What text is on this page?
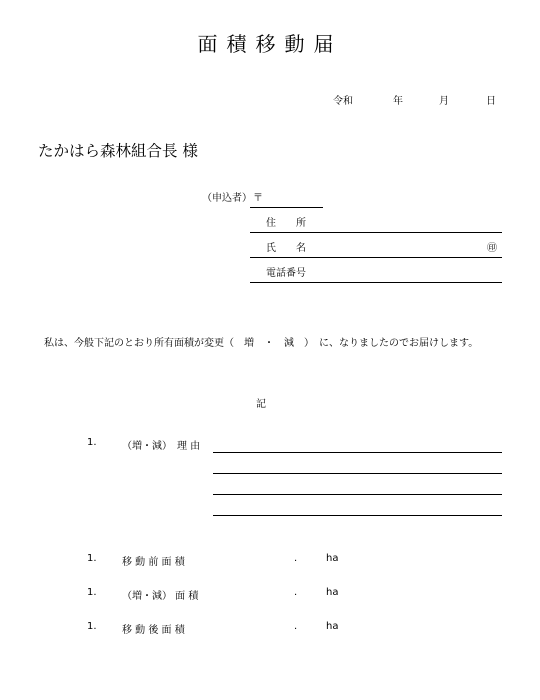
面積移動届
令和	年	月	日
たかはら森林組合長 様
（申込者） 〒
住　　所
氏　　名	㊞
電話番号
私は、今般下記のとおり所有面積が変更（　増　・　減　）　に、なりましたのでお届けします。
記
1.	（増・減）　理 由
1.	移 動 前 面 積	.	ha
1.	（増・減） 面 積	.	ha
1.	移 動 後 面 積	.	ha
